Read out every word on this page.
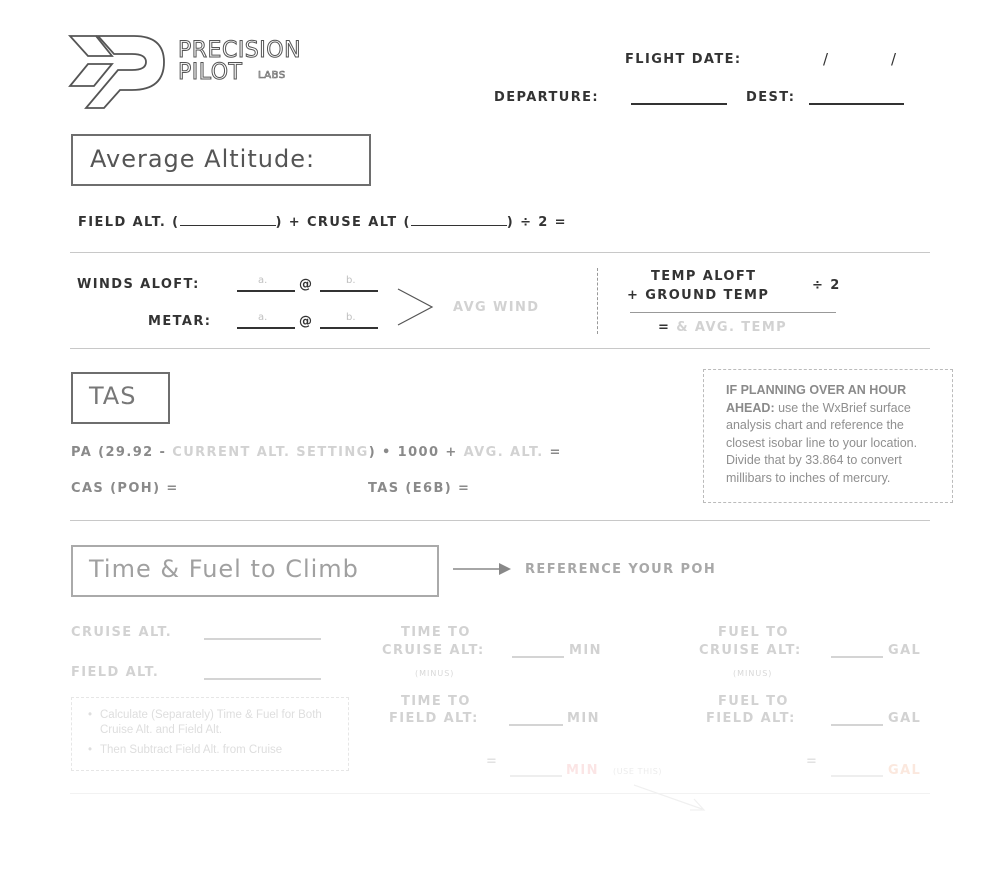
PRECISION
PILOT LABS
FLIGHT DATE:	/	/
DEPARTURE:	DEST:
Average Altitude:
FIELD ALT. (	) + CRUSE ALT (	) ÷ 2 =
WINDS ALOFT:	a. @	b.
METAR:	a. @	b.
AVG WIND
TEMP ALOFT
+ GROUND TEMP
÷ 2
= & AVG. TEMP
TAS
PA (29.92 - CURRENT ALT. SETTING) • 1000 + AVG. ALT. =
CAS (POH) =	TAS (E6B) =
IF PLANNING OVER AN HOUR AHEAD: use the WxBrief surface analysis chart and reference the closest isobar line to your location. Divide that by 33.864 to convert millibars to inches of mercury.
Time & Fuel to Climb	REFERENCE YOUR POH
CRUISE ALT.
FIELD ALT.
• Calculate (Separately) Time & Fuel for Both Cruise Alt. and Field Alt.
• Then Subtract Field Alt. from Cruise
TIME TO
CRUISE ALT:	MIN
(MINUS)
TIME TO
FIELD ALT:	MIN
=
MIN (USE THIS)
FUEL TO
CRUISE ALT:	GAL
(MINUS)
FUEL TO
FIELD ALT:	GAL
=
GAL
